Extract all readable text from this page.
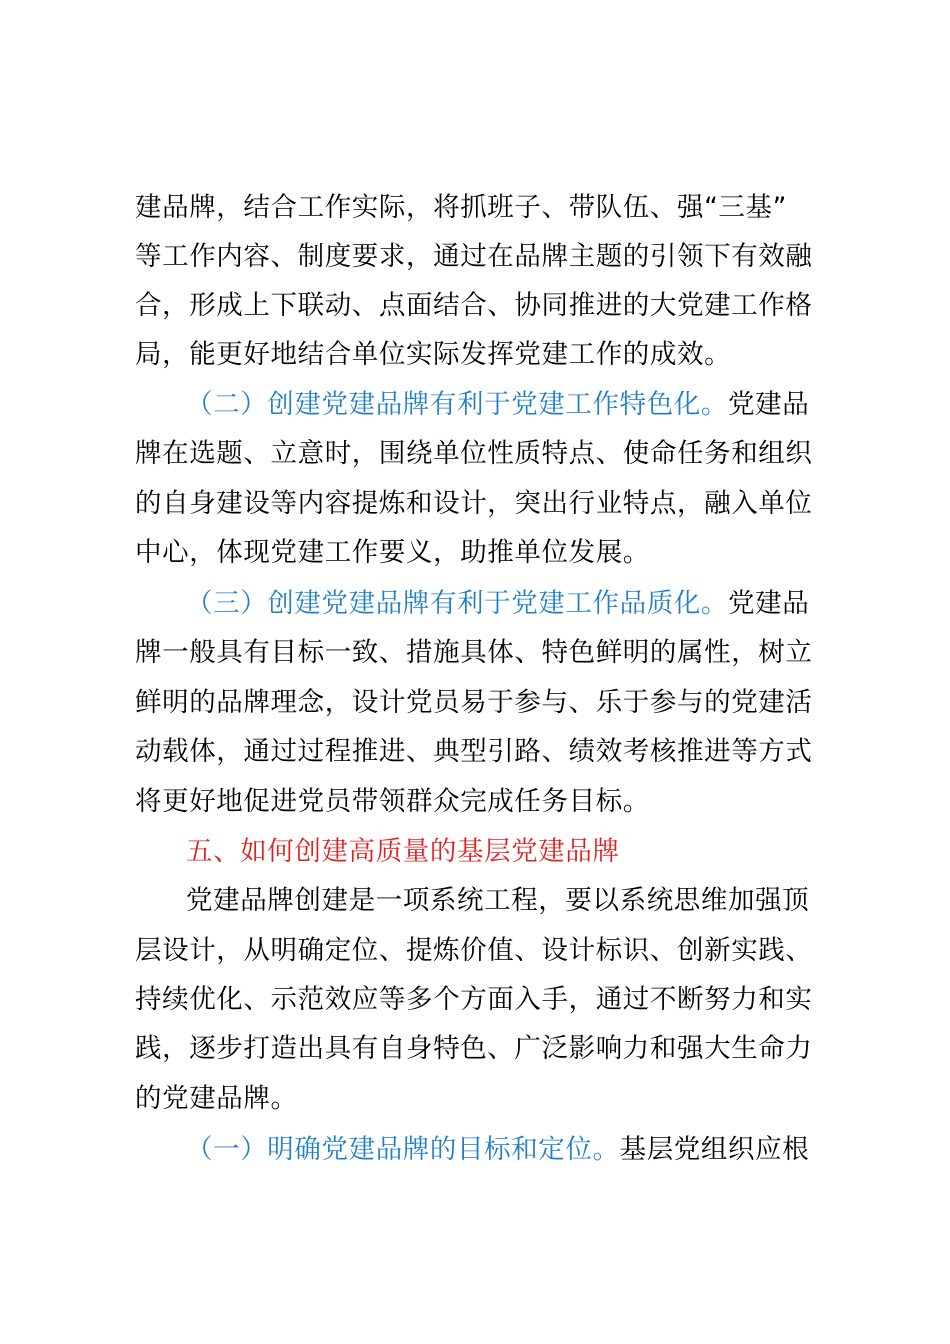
建品牌，结合工作实际，将抓班子、带队伍、强“三基”
等工作内容、制度要求，通过在品牌主题的引领下有效融
合，形成上下联动、点面结合、协同推进的大党建工作格
局，能更好地结合单位实际发挥党建工作的成效。
（二）创建党建品牌有利于党建工作特色化。党建品
牌在选题、立意时，围绕单位性质特点、使命任务和组织
的自身建设等内容提炼和设计，突出行业特点，融入单位
中心，体现党建工作要义，助推单位发展。
（三）创建党建品牌有利于党建工作品质化。党建品
牌一般具有目标一致、措施具体、特色鲜明的属性，树立
鲜明的品牌理念，设计党员易于参与、乐于参与的党建活
动载体，通过过程推进、典型引路、绩效考核推进等方式
将更好地促进党员带领群众完成任务目标。
五、如何创建高质量的基层党建品牌
党建品牌创建是一项系统工程，要以系统思维加强顶
层设计，从明确定位、提炼价值、设计标识、创新实践、
持续优化、示范效应等多个方面入手，通过不断努力和实
践，逐步打造出具有自身特色、广泛影响力和强大生命力
的党建品牌。
（一）明确党建品牌的目标和定位。基层党组织应根
